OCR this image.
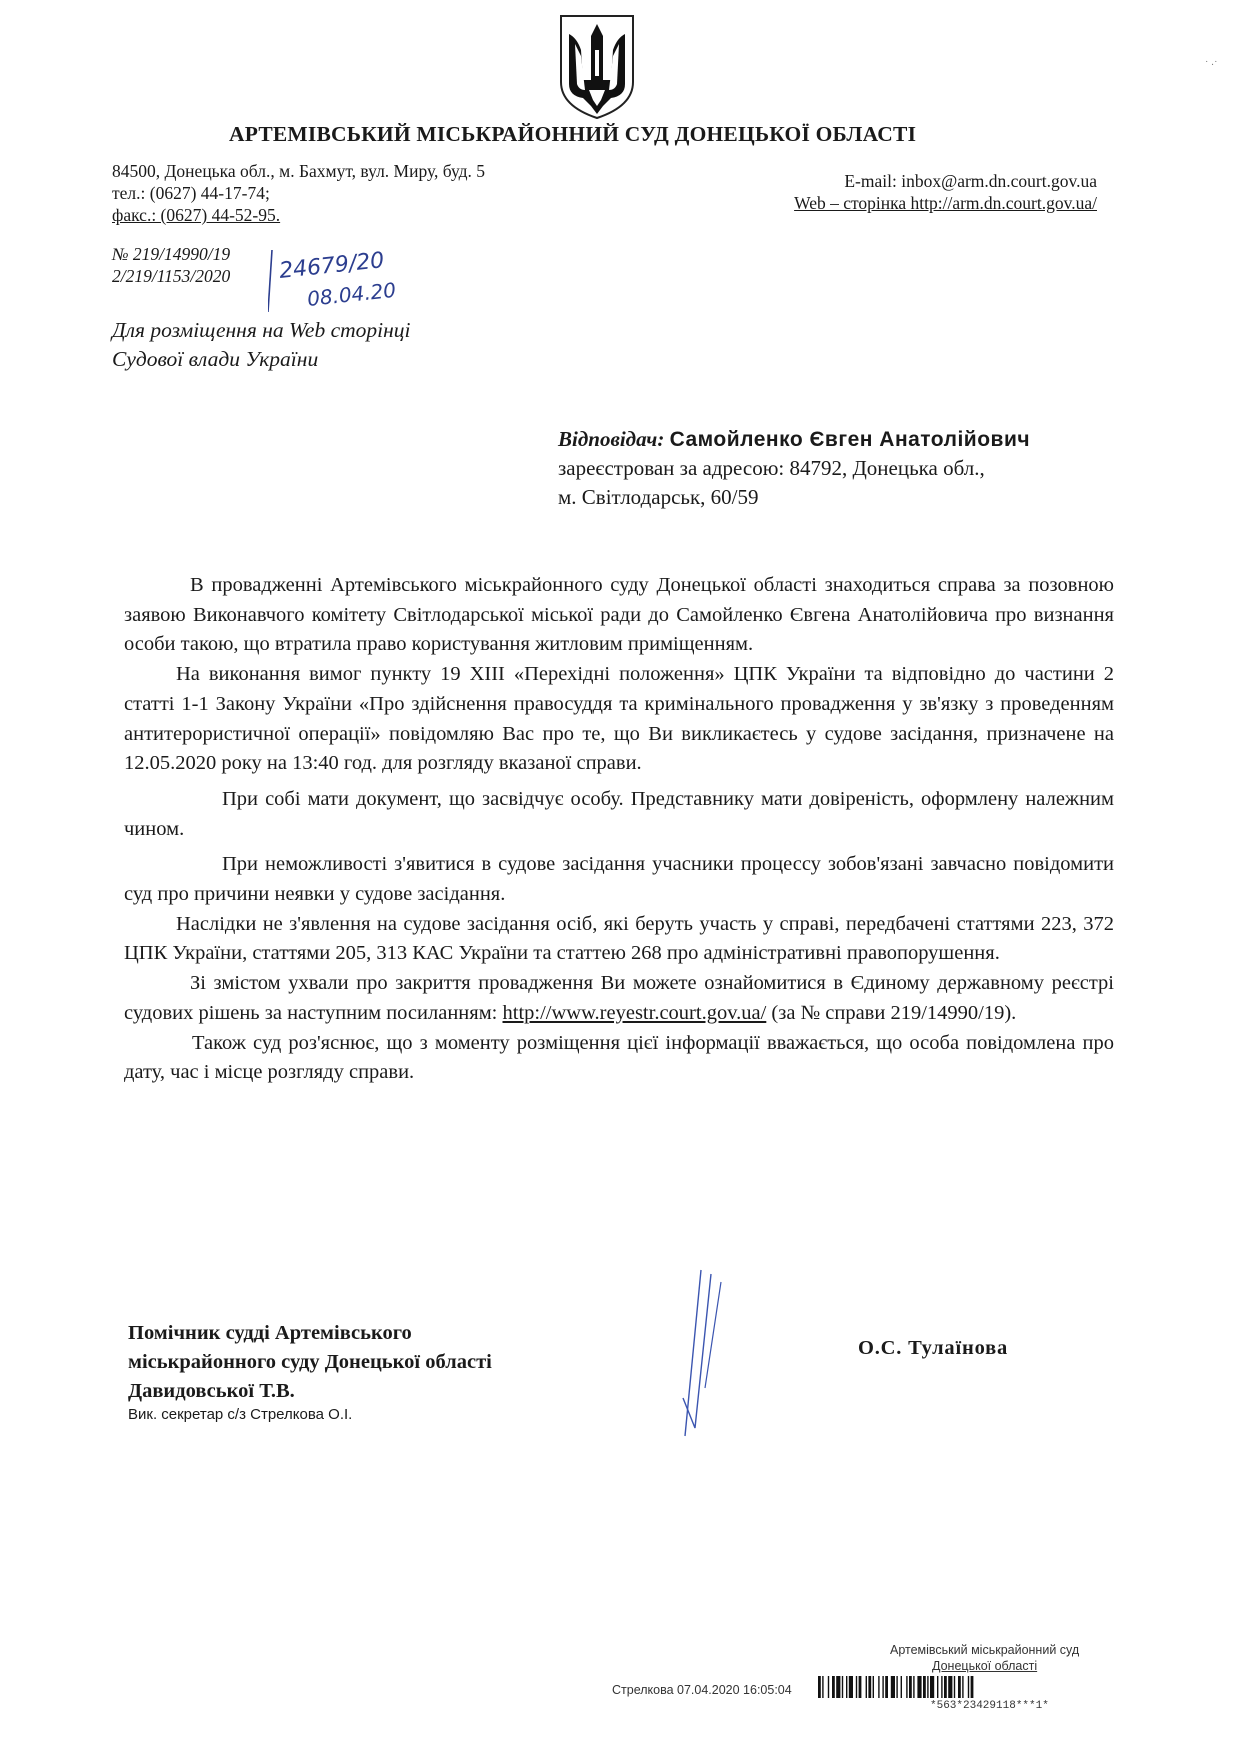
АРТЕМІВСЬКИЙ МІСЬКРАЙОННИЙ СУД ДОНЕЦЬКОЇ ОБЛАСТІ
84500, Донецька обл., м. Бахмут, вул. Миру, буд. 5
тел.: (0627) 44-17-74;
факс.: (0627) 44-52-95.
E-mail: inbox@arm.dn.court.gov.ua
Web – сторінка http://arm.dn.court.gov.ua/
№ 219/14990/19
2/219/1153/2020 24679/20
08.04.20
Для розміщення на Web сторінці
Судової влади України
Відповідач: Самойленко Євген Анатолійович
зареєстрован за адресою: 84792, Донецька обл.,
м. Світлодарськ, 60/59

В провадженні Артемівського міськрайонного суду Донецької області знаходиться справа за позовною заявою Виконавчого комітету Світлодарської міської ради до Самойленко Євгена Анатолійовича про визнання особи такою, що втратила право користування житловим приміщенням.

На виконання вимог пункту 19 XIII «Перехідні положення» ЦПК України та відповідно до частини 2 статті 1-1 Закону України «Про здійснення правосуддя та кримінального провадження у зв'язку з проведенням антитерористичної операції» повідомляю Вас про те, що Ви викликаєтесь у судове засідання, призначене на 12.05.2020 року на 13:40 год. для розгляду вказаної справи.

При собі мати документ, що засвідчує особу. Представнику мати довіреність, оформлену належним чином.

При неможливості з'явитися в судове засідання учасники процессу зобов'язані завчасно повідомити суд про причини неявки у судове засідання.

Наслідки не з'явлення на судове засідання осіб, які беруть участь у справі, передбачені статтями 223, 372 ЦПК України, статтями 205, 313 КАС України та статтею 268 про адміністративні правопорушення.

Зі змістом ухвали про закриття провадження Ви можете ознайомитися в Єдиному державному реєстрі судових рішень за наступним посиланням: http://www.reyestr.court.gov.ua/ (за № справи 219/14990/19).

Також суд роз'яснює, що з моменту розміщення цієї інформації вважається, що особа повідомлена про дату, час і місце розгляду справи.

Помічник судді Артемівського
міськрайонного суду Донецької області
Давидовської Т.В.
Вик. секретар с/з Стрелкова О.І.
О.С. Тулаїнова
Артемівський міськрайонний суд
Донецької області
Стрелкова 07.04.2020 16:05:04
*563*23429118***1*
˙ ·˙
